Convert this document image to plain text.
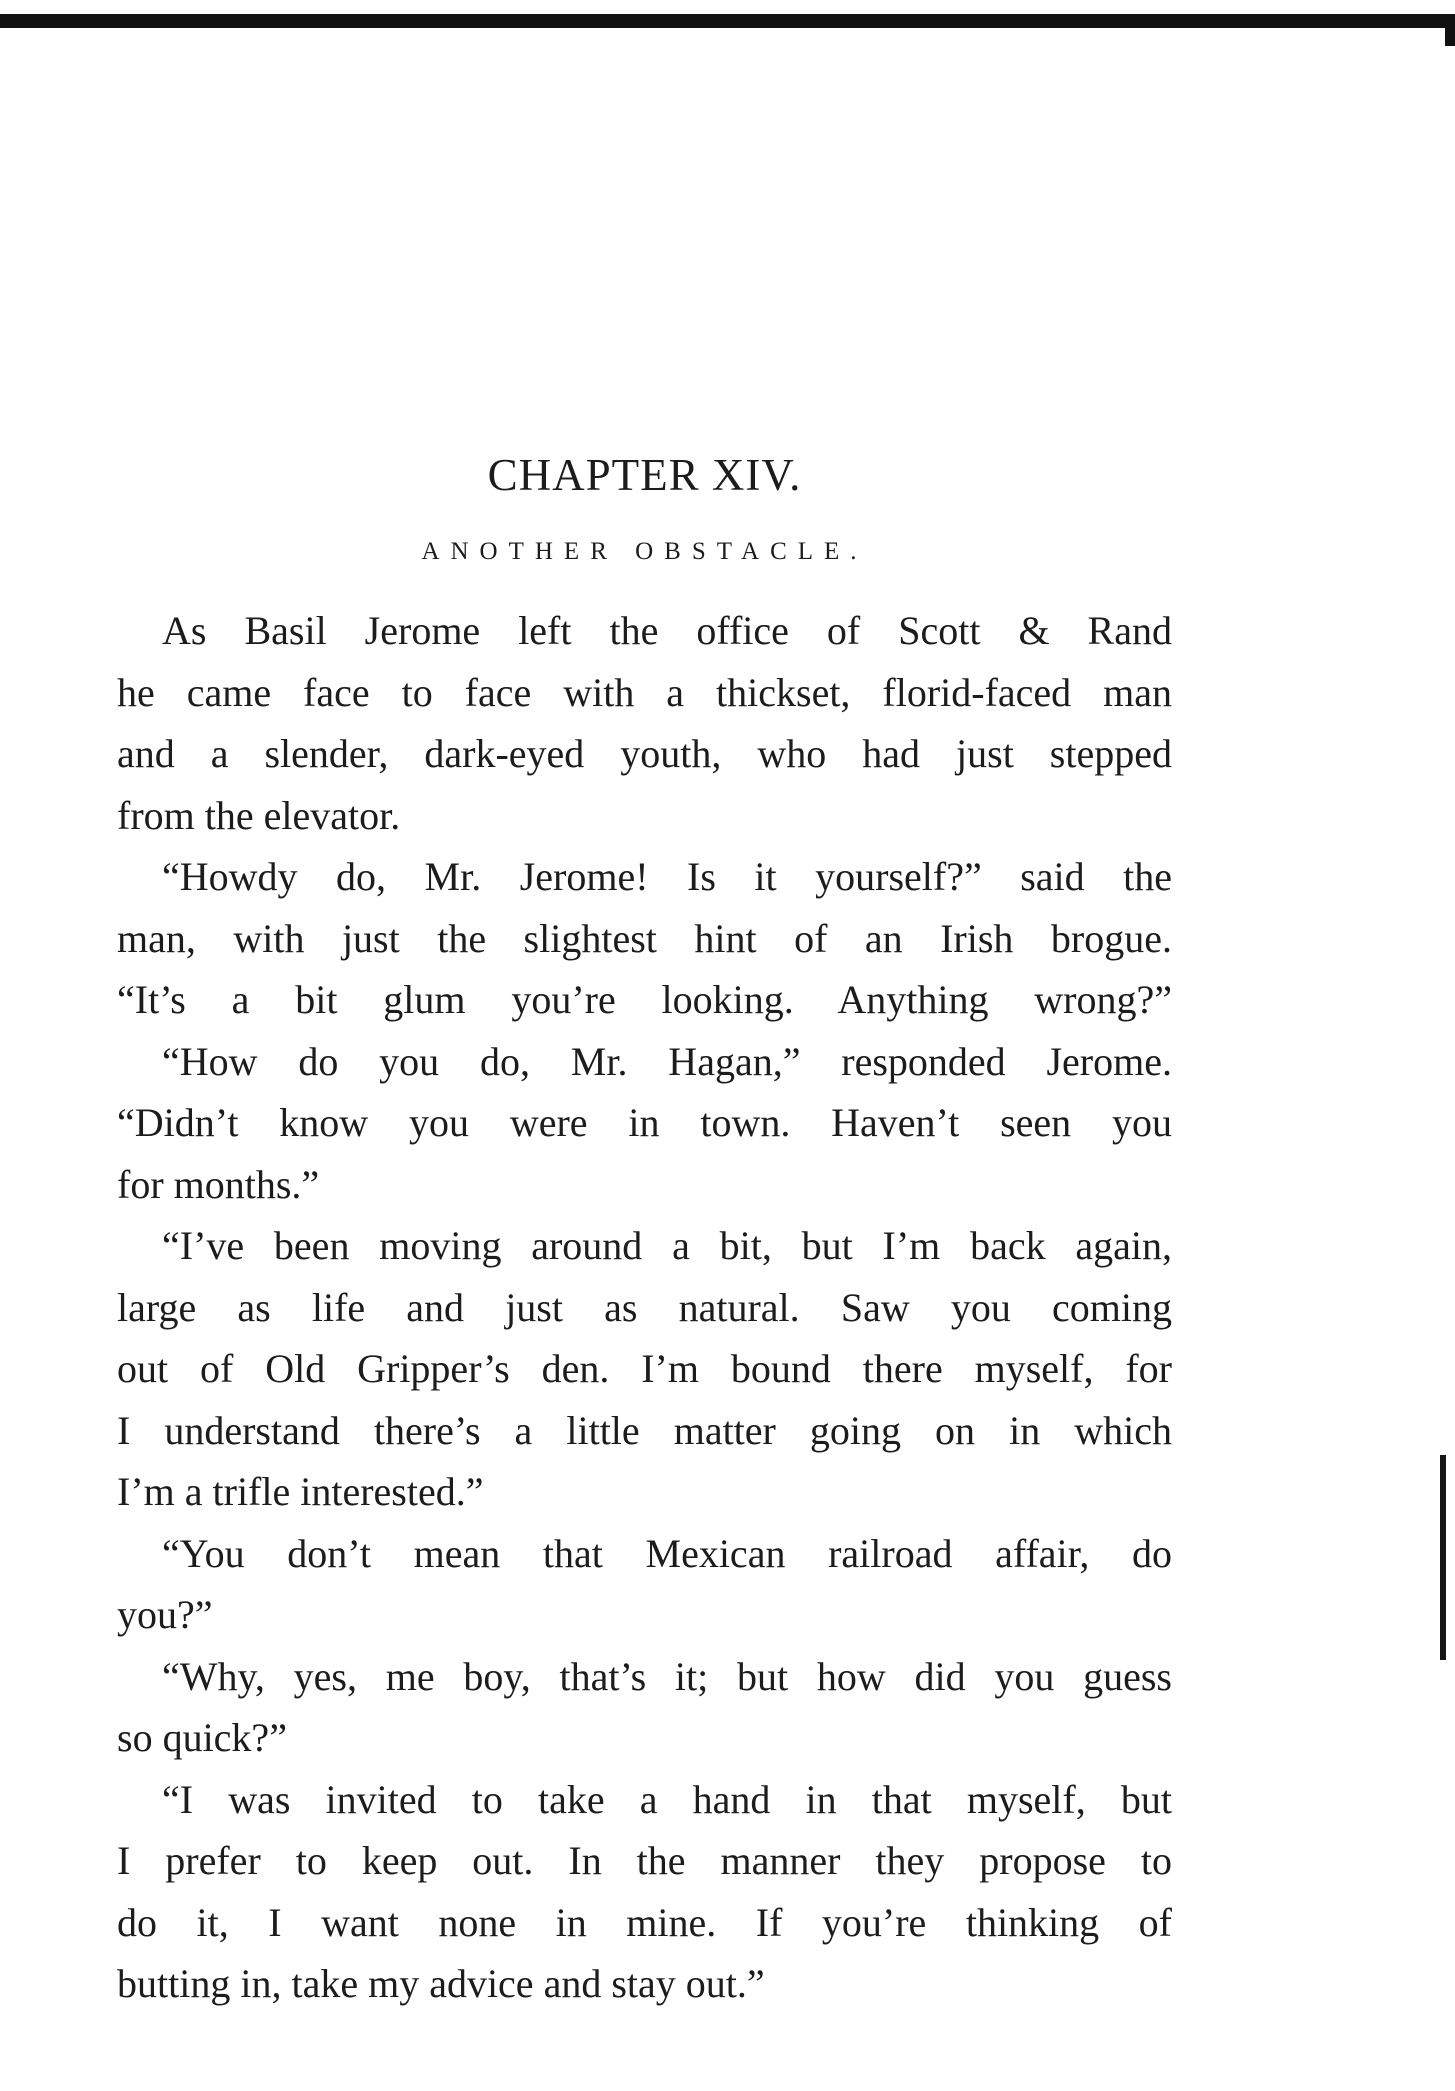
CHAPTER XIV.
ANOTHER OBSTACLE.

As Basil Jerome left the office of Scott & Rand
he came face to face with a thickset, florid-faced man
and a slender, dark-eyed youth, who had just stepped
from the elevator.

“Howdy do, Mr. Jerome! Is it yourself?” said the
man, with just the slightest hint of an Irish brogue.
“It’s a bit glum you’re looking. Anything wrong?”

“How do you do, Mr. Hagan,” responded Jerome.
“Didn’t know you were in town. Haven’t seen you
for months.”

“I’ve been moving around a bit, but I’m back again,
large as life and just as natural. Saw you coming
out of Old Gripper’s den. I’m bound there myself, for
I understand there’s a little matter going on in which
I’m a trifle interested.”

“You don’t mean that Mexican railroad affair, do
you?”

“Why, yes, me boy, that’s it; but how did you guess
so quick?”

“I was invited to take a hand in that myself, but
I prefer to keep out. In the manner they propose to
do it, I want none in mine. If you’re thinking of
butting in, take my advice and stay out.”
